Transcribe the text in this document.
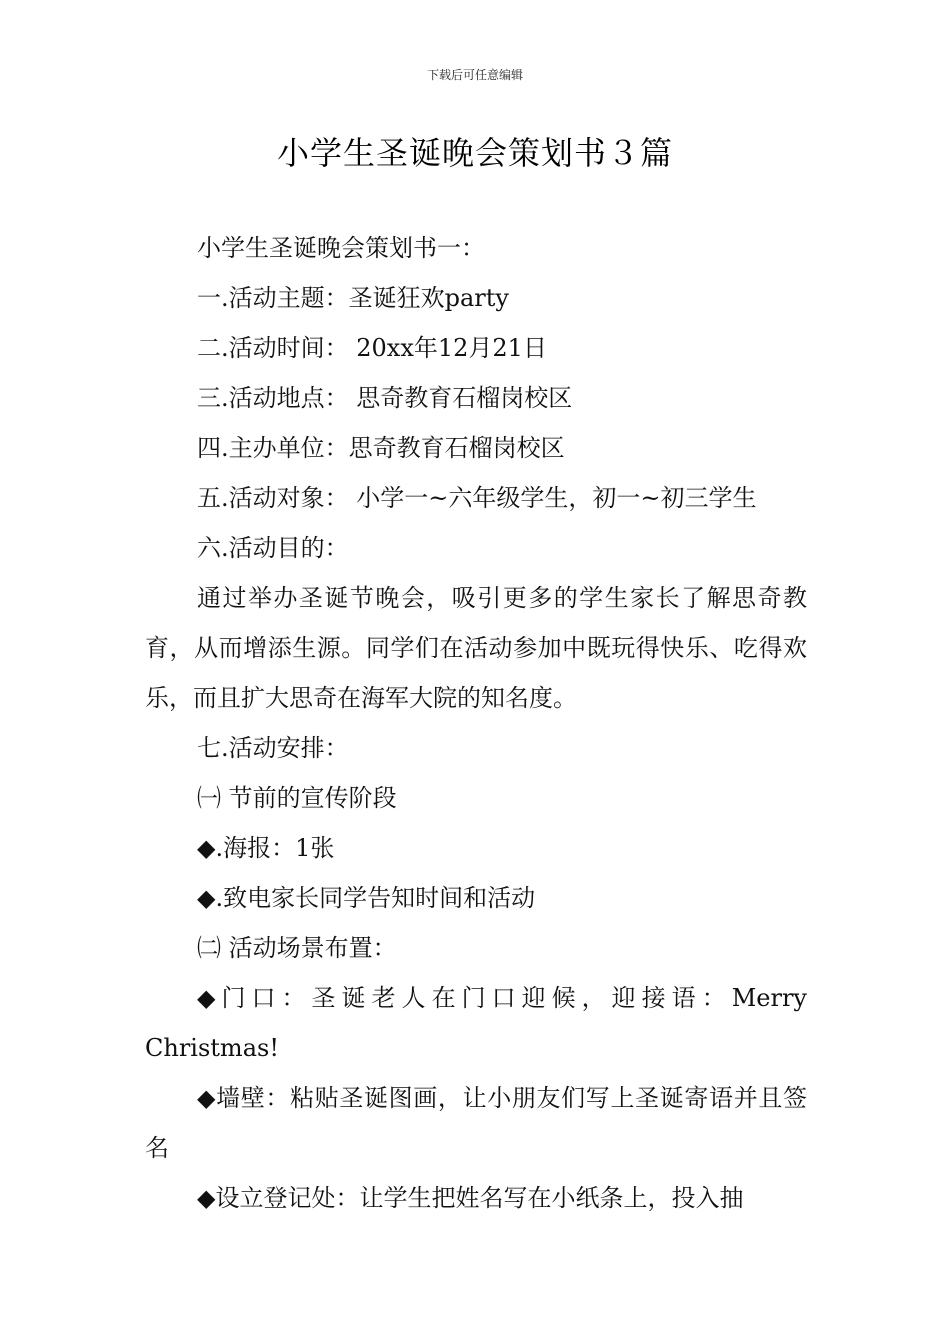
下载后可任意编辑
小学生圣诞晚会策划书３篇

小学生圣诞晚会策划书一：

一.活动主题：圣诞狂欢party

二.活动时间： 20xx年12月21日

三.活动地点： 思奇教育石榴岗校区

四.主办单位：思奇教育石榴岗校区

五.活动对象： 小学一~六年级学生，初一~初三学生

六.活动目的：

通过举办圣诞节晚会，吸引更多的学生家长了解思奇教育，从而增添生源。同学们在活动参加中既玩得快乐、吃得欢乐，而且扩大思奇在海军大院的知名度。

七.活动安排：

㈠ 节前的宣传阶段

◆.海报：1张

◆.致电家长同学告知时间和活动

㈡ 活动场景布置：

◆门口：圣诞老人在门口迎候，迎接语：Merry Christmas!

◆墙壁：粘贴圣诞图画，让小朋友们写上圣诞寄语并且签名

◆设立登记处：让学生把姓名写在小纸条上，投入抽
